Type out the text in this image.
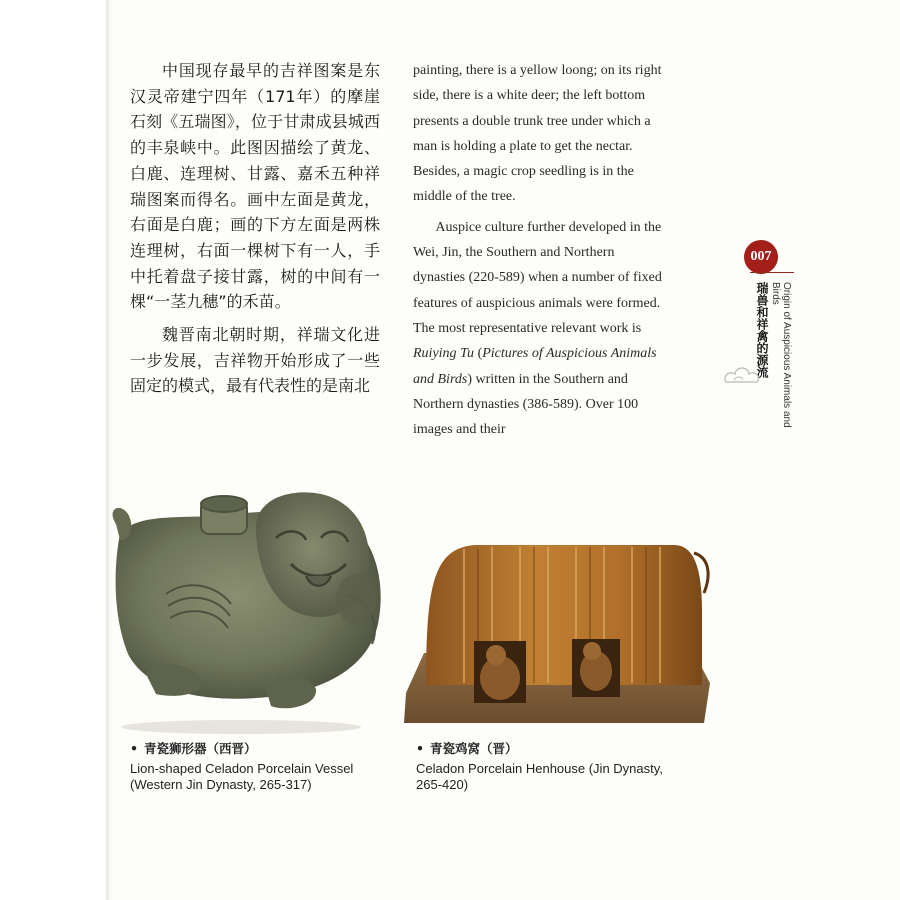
中国现存最早的吉祥图案是东汉灵帝建宁四年（171年）的摩崖石刻《五瑞图》，位于甘肃成县城西的丰泉峡中。此图因描绘了黄龙、白鹿、连理树、甘露、嘉禾五种祥瑞图案而得名。画中左面是黄龙，右面是白鹿；画的下方左面是两株连理树，右面一棵树下有一人，手中托着盘子接甘露，树的中间有一棵“一茎九穗”的禾苗。

魏晋南北朝时期，祥瑞文化进一步发展，吉祥物开始形成了一些固定的模式，最有代表性的是南北

painting, there is a yellow loong; on its right side, there is a white deer; the left bottom presents a double trunk tree under which a man is holding a plate to get the nectar. Besides, a magic crop seedling is in the middle of the tree.

Auspice culture further developed in the Wei, Jin, the Southern and Northern dynasties (220-589) when a number of fixed features of auspicious animals were formed. The most representative relevant work is Ruiying Tu (Pictures of Auspicious Animals and Birds) written in the Southern and Northern dynasties (386-589). Over 100 images and their

007
瑞兽和祥禽的源流	Origin of Auspicious Animals and Birds
• 青瓷狮形器（西晋）
Lion-shaped Celadon Porcelain Vessel (Western Jin Dynasty, 265-317)
• 青瓷鸡窝（晋）
Celadon Porcelain Henhouse (Jin Dynasty, 265-420)
